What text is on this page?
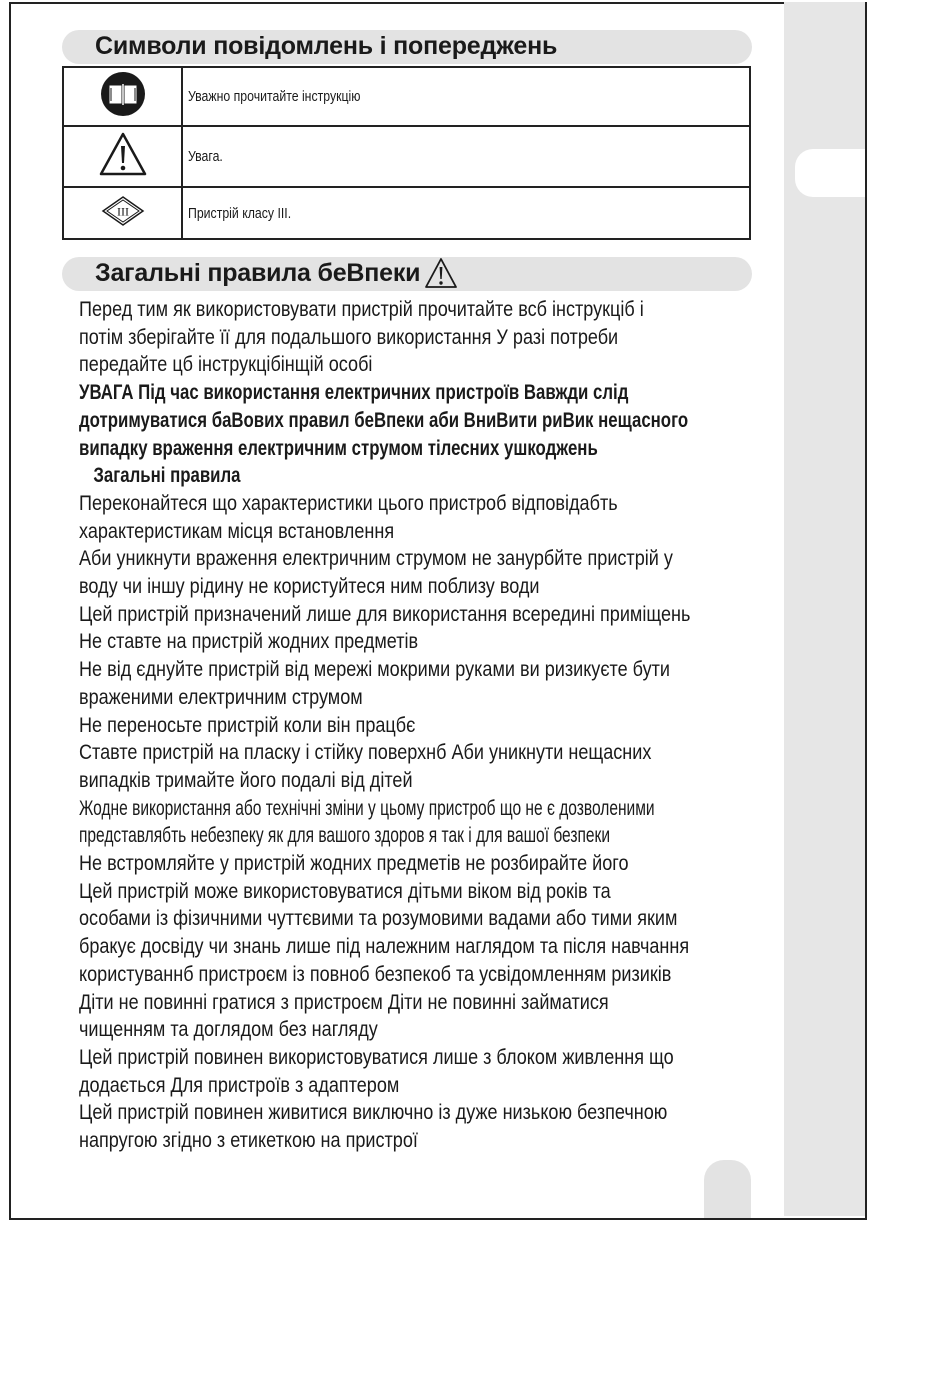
Символи повідомлень і попереджень
	Уважно прочитайте інструкцію
	Увага.

III	Пристрій класу III.
Загальні правила беВпеки
Перед тим як використовувати пристрій прочитайте всб інструкціб і
потім зберігайте її для подальшого використання У разі потреби
передайте цб інструкцібінщій особі
УВАГА Під час використання електричних пристроїв Вавжди слід
дотримуватися баВових правил беВпеки аби ВниВити риВик нещасного
випадку враження електричним струмом тілесних ушкоджень
Загальні правила
Переконайтеся що характеристики цього пристроб відповідабть
характеристикам місця встановлення
Аби уникнути враження електричним струмом не занурбйте пристрій у
воду чи іншу рідину не користуйтеся ним поблизу води
Цей пристрій призначений лише для використання всередині приміщень
Не ставте на пристрій жодних предметів
Не від єднуйте пристрій від мережі мокрими руками ви ризикуєте бути
враженими електричним струмом
Не переносьте пристрій коли він працбє
Ставте пристрій на пласку і стійку поверхнб Аби уникнути нещасних
випадків тримайте його подалі від дітей
Жодне використання або технічні зміни у цьому пристроб що не є дозволеними
представлябть небезпеку як для вашого здоров я так і для вашої безпеки
Не встромляйте у пристрій жодних предметів не розбирайте його
Цей пристрій може використовуватися дітьми віком від років та
особами із фізичними чуттєвими та розумовими вадами або тими яким
бракує досвіду чи знань лише під належним наглядом та після навчання
користуваннб пристроєм із повноб безпекоб та усвідомленням ризиків
Діти не повинні гратися з пристроєм Діти не повинні займатися
чищенням та доглядом без нагляду
Цей пристрій повинен використовуватися лише з блоком живлення що
додається Для пристроїв з адаптером
Цей пристрій повинен живитися виключно із дуже низькою безпечною
напругою згідно з етикеткою на пристрої
